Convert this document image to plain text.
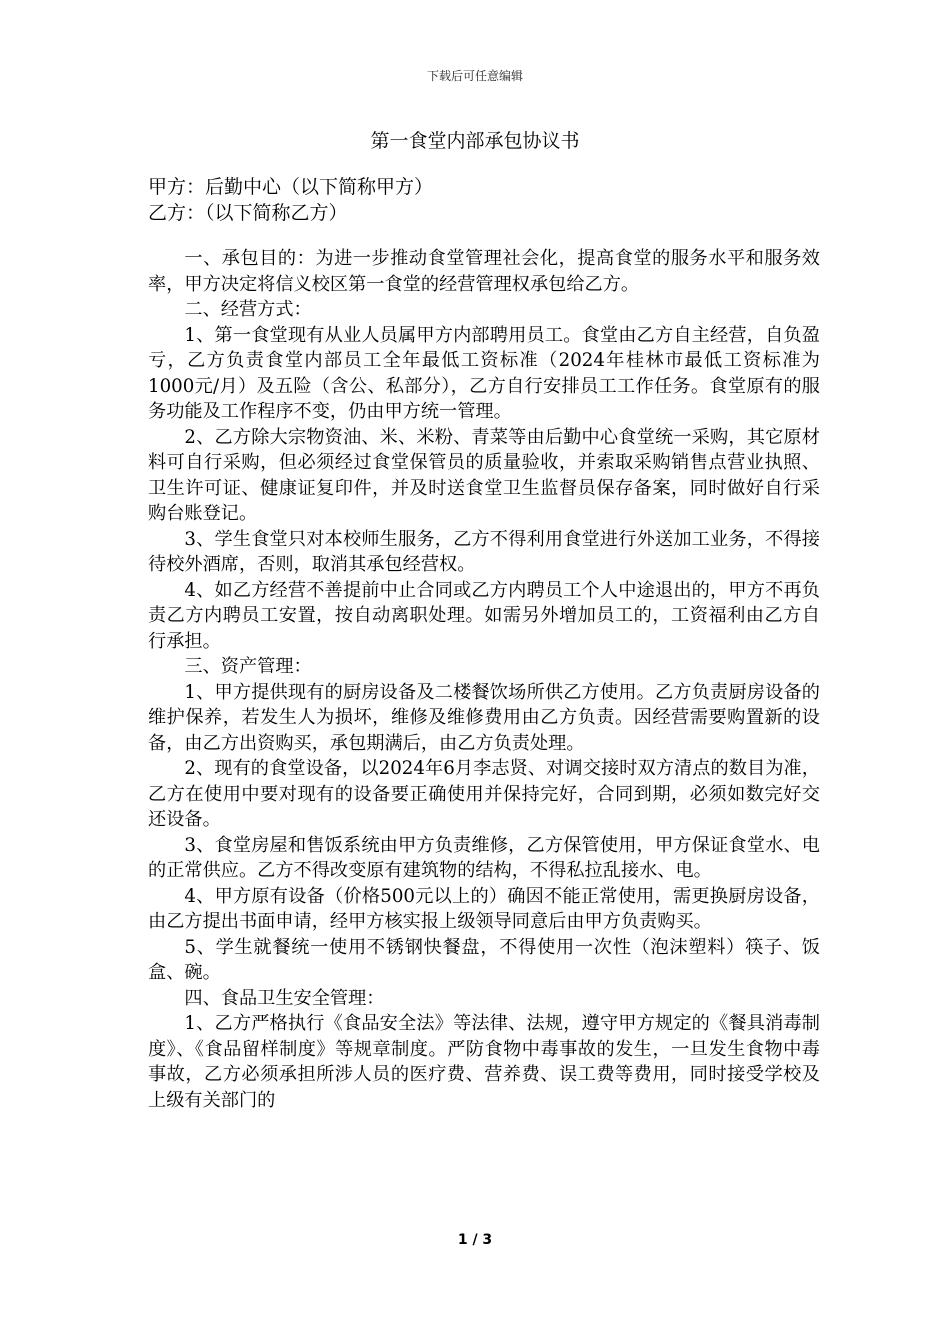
下载后可任意编辑
第一食堂内部承包协议书
甲方：后勤中心（以下简称甲方）
乙方：（以下简称乙方）

一、承包目的：为进一步推动食堂管理社会化，提高食堂的服务水平和服务效率，甲方决定将信义校区第一食堂的经营管理权承包给乙方。

二、经营方式：

1、第一食堂现有从业人员属甲方内部聘用员工。食堂由乙方自主经营，自负盈亏，乙方负责食堂内部员工全年最低工资标准（2024年桂林市最低工资标准为1000元/月）及五险（含公、私部分），乙方自行安排员工工作任务。食堂原有的服务功能及工作程序不变，仍由甲方统一管理。

2、乙方除大宗物资油、米、米粉、青菜等由后勤中心食堂统一采购，其它原材料可自行采购，但必须经过食堂保管员的质量验收，并索取采购销售点营业执照、卫生许可证、健康证复印件，并及时送食堂卫生监督员保存备案，同时做好自行采购台账登记。

3、学生食堂只对本校师生服务，乙方不得利用食堂进行外送加工业务，不得接待校外酒席，否则，取消其承包经营权。

4、如乙方经营不善提前中止合同或乙方内聘员工个人中途退出的，甲方不再负责乙方内聘员工安置，按自动离职处理。如需另外增加员工的，工资福利由乙方自行承担。

三、资产管理：

1、甲方提供现有的厨房设备及二楼餐饮场所供乙方使用。乙方负责厨房设备的维护保养，若发生人为损坏，维修及维修费用由乙方负责。因经营需要购置新的设备，由乙方出资购买，承包期满后，由乙方负责处理。

2、现有的食堂设备，以2024年6月李志贤、对调交接时双方清点的数目为准，乙方在使用中要对现有的设备要正确使用并保持完好，合同到期，必须如数完好交还设备。

3、食堂房屋和售饭系统由甲方负责维修，乙方保管使用，甲方保证食堂水、电的正常供应。乙方不得改变原有建筑物的结构，不得私拉乱接水、电。

4、甲方原有设备（价格500元以上的）确因不能正常使用，需更换厨房设备，由乙方提出书面申请，经甲方核实报上级领导同意后由甲方负责购买。

5、学生就餐统一使用不锈钢快餐盘，不得使用一次性（泡沫塑料）筷子、饭盒、碗。

四、食品卫生安全管理：

1、乙方严格执行《食品安全法》等法律、法规，遵守甲方规定的《餐具消毒制度》、《食品留样制度》等规章制度。严防食物中毒事故的发生，一旦发生食物中毒事故，乙方必须承担所涉人员的医疗费、营养费、误工费等费用，同时接受学校及上级有关部门的

1 / 3
